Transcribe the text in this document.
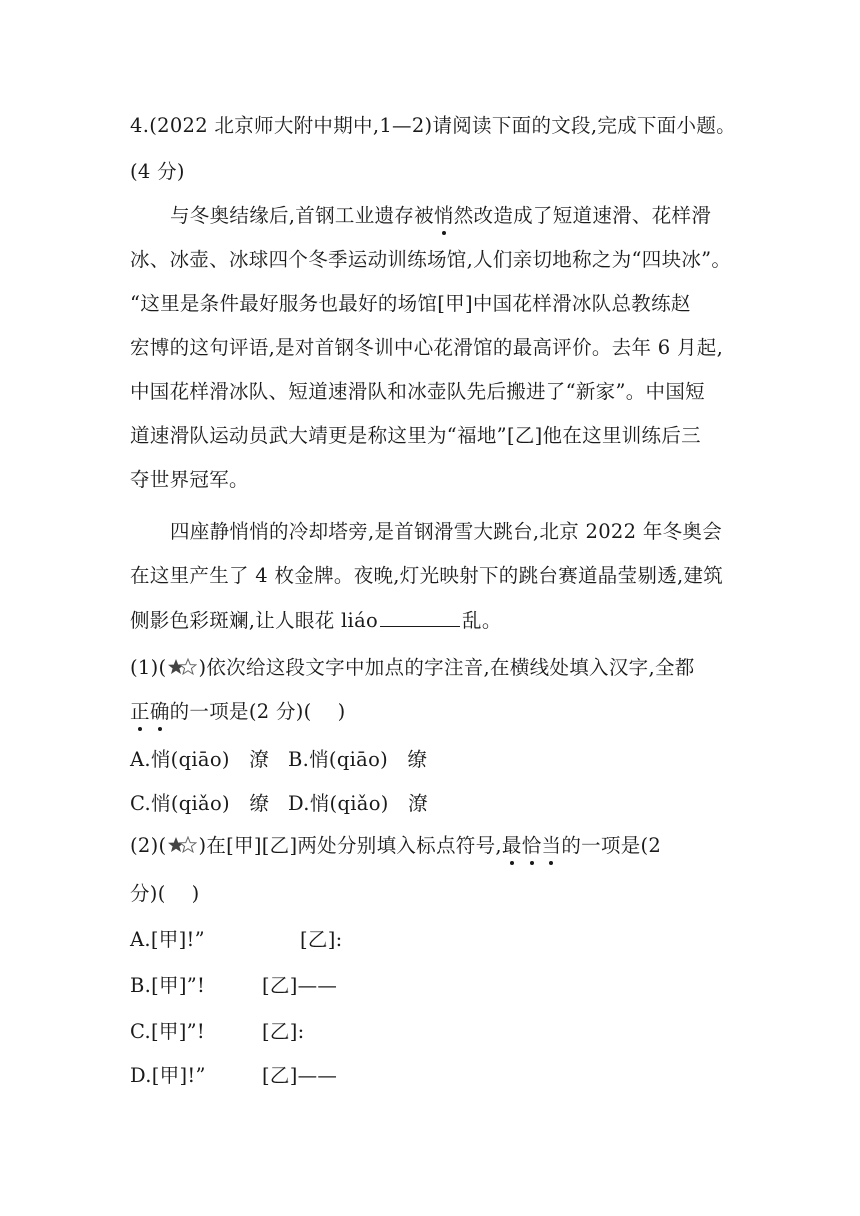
4.(2022 北京师大附中期中,1—2)请阅读下面的文段,完成下面小题。
(4 分)
与冬奥结缘后,首钢工业遗存被悄然改造成了短道速滑、花样滑
冰、冰壶、冰球四个冬季运动训练场馆,人们亲切地称之为“四块冰”。
“这里是条件最好服务也最好的场馆[甲]中国花样滑冰队总教练赵
宏博的这句评语,是对首钢冬训中心花滑馆的最高评价。去年 6 月起,
中国花样滑冰队、短道速滑队和冰壶队先后搬进了“新家”。中国短
道速滑队运动员武大靖更是称这里为“福地”[乙]他在这里训练后三
夺世界冠军。
四座静悄悄的冷却塔旁,是首钢滑雪大跳台,北京 2022 年冬奥会
在这里产生了 4 枚金牌。夜晚,灯光映射下的跳台赛道晶莹剔透,建筑
侧影色彩斑斓,让人眼花 liáo	乱。
(1)( )依次给这段文字中加点的字注音,在横线处填入汉字,全都
正确的一项是(2 分)( )
A.悄(qiāo) 潦 B.悄(qiāo) 缭
C.悄(qiǎo) 缭 D.悄(qiǎo) 潦
(2)( )在[甲][乙]两处分别填入标点符号,最恰当的一项是(2
分)( )
A.[甲]!”	[乙]:
B.[甲]”!	[乙]——
C.[甲]”!	[乙]:
D.[甲]!”	[乙]——
